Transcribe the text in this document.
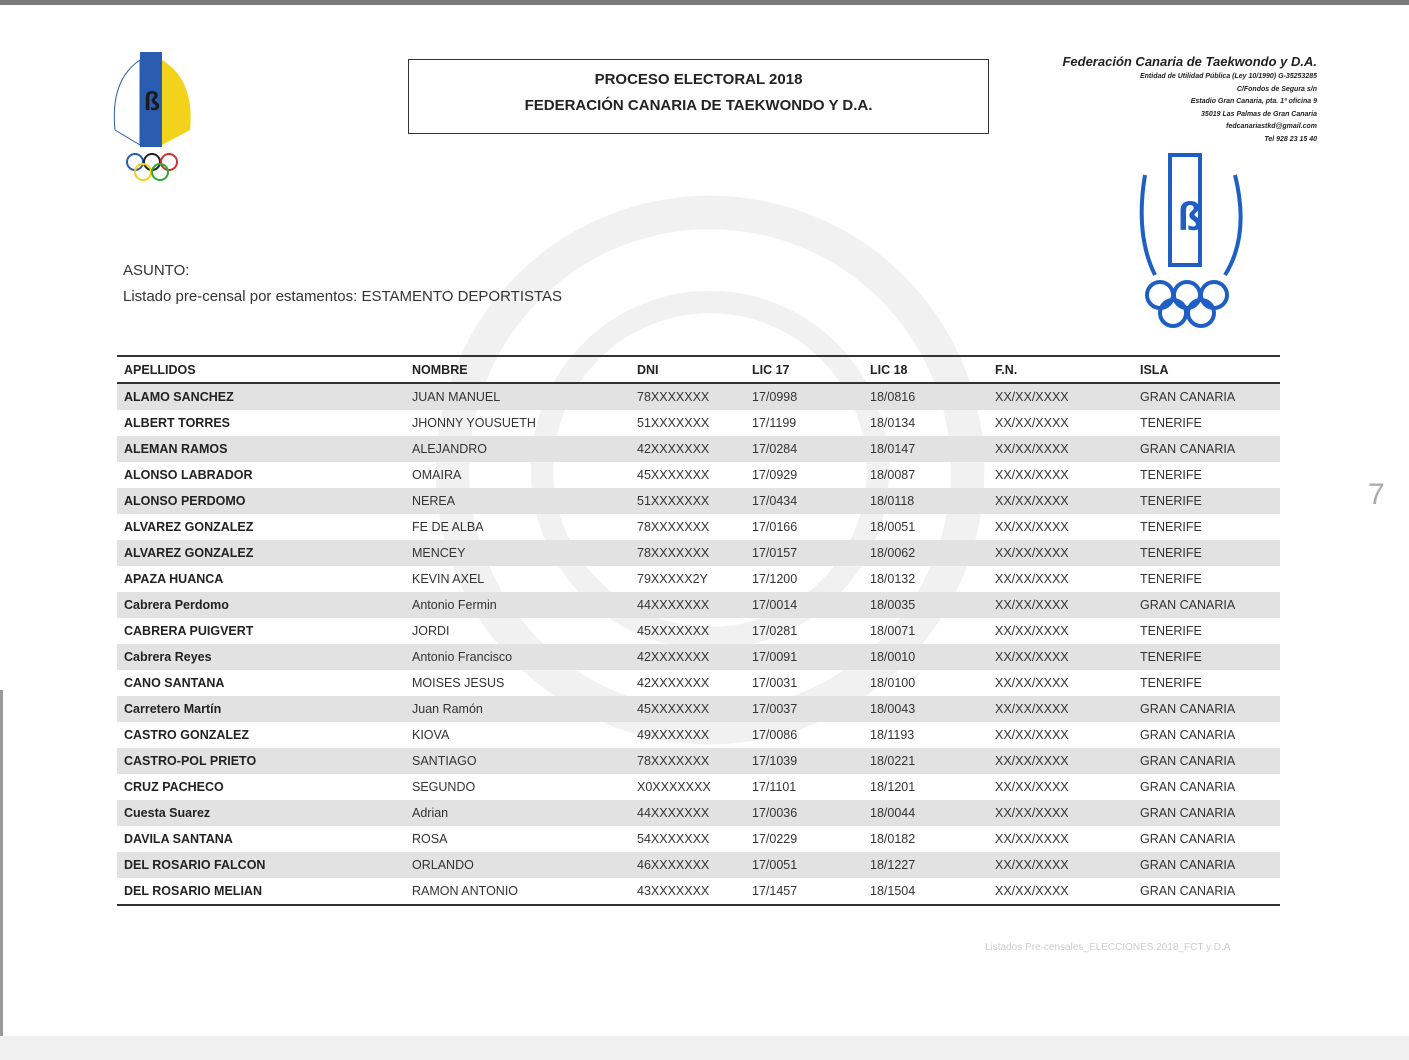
ß
PROCESO ELECTORAL 2018
FEDERACIÓN CANARIA DE TAEKWONDO Y D.A.
Federación Canaria de Taekwondo y D.A.
Entidad de Utilidad Pública (Ley 10/1990) G-35253285
C/Fondos de Segura s/n
Estadio Gran Canaria, pta. 1ª oficina 9
35019 Las Palmas de Gran Canaria
fedcanariastkd@gmail.com
Tel 928 23 15 40
ß
ASUNTO:
Listado pre-censal por estamentos: ESTAMENTO DEPORTISTAS
APELLIDOS	NOMBRE	DNI	LIC 17	LIC 18	F.N.	ISLA
ALAMO SANCHEZ	JUAN MANUEL	78XXXXXXX	17/0998	18/0816	XX/XX/XXXX	GRAN CANARIA
ALBERT TORRES	JHONNY YOUSUETH	51XXXXXXX	17/1199	18/0134	XX/XX/XXXX	TENERIFE
ALEMAN RAMOS	ALEJANDRO	42XXXXXXX	17/0284	18/0147	XX/XX/XXXX	GRAN CANARIA
ALONSO LABRADOR	OMAIRA	45XXXXXXX	17/0929	18/0087	XX/XX/XXXX	TENERIFE
ALONSO PERDOMO	NEREA	51XXXXXXX	17/0434	18/0118	XX/XX/XXXX	TENERIFE
ALVAREZ GONZALEZ	FE DE ALBA	78XXXXXXX	17/0166	18/0051	XX/XX/XXXX	TENERIFE
ALVAREZ GONZALEZ	MENCEY	78XXXXXXX	17/0157	18/0062	XX/XX/XXXX	TENERIFE
APAZA HUANCA	KEVIN AXEL	79XXXXX2Y	17/1200	18/0132	XX/XX/XXXX	TENERIFE
Cabrera Perdomo	Antonio Fermin	44XXXXXXX	17/0014	18/0035	XX/XX/XXXX	GRAN CANARIA
CABRERA PUIGVERT	JORDI	45XXXXXXX	17/0281	18/0071	XX/XX/XXXX	TENERIFE
Cabrera Reyes	Antonio Francisco	42XXXXXXX	17/0091	18/0010	XX/XX/XXXX	TENERIFE
CANO SANTANA	MOISES JESUS	42XXXXXXX	17/0031	18/0100	XX/XX/XXXX	TENERIFE
Carretero Martín	Juan Ramón	45XXXXXXX	17/0037	18/0043	XX/XX/XXXX	GRAN CANARIA
CASTRO GONZALEZ	KIOVA	49XXXXXXX	17/0086	18/1193	XX/XX/XXXX	GRAN CANARIA
CASTRO-POL PRIETO	SANTIAGO	78XXXXXXX	17/1039	18/0221	XX/XX/XXXX	GRAN CANARIA
CRUZ PACHECO	SEGUNDO	X0XXXXXXX	17/1101	18/1201	XX/XX/XXXX	GRAN CANARIA
Cuesta Suarez	Adrian	44XXXXXXX	17/0036	18/0044	XX/XX/XXXX	GRAN CANARIA
DAVILA SANTANA	ROSA	54XXXXXXX	17/0229	18/0182	XX/XX/XXXX	GRAN CANARIA
DEL ROSARIO FALCON	ORLANDO	46XXXXXXX	17/0051	18/1227	XX/XX/XXXX	GRAN CANARIA
DEL ROSARIO MELIAN	RAMON ANTONIO	43XXXXXXX	17/1457	18/1504	XX/XX/XXXX	GRAN CANARIA
7
Listados Pre-censales_ELECCIONES 2018_FCT y D.A
